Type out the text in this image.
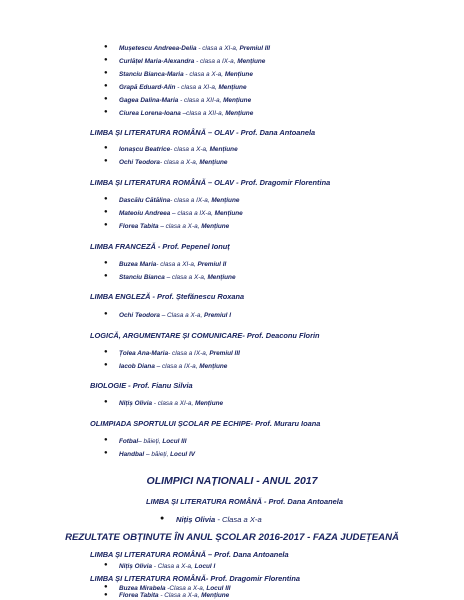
● Mușetescu Andreea-Delia - clasa a XI-a, Premiul III
● Curlățel Maria-Alexandra - clasa a IX-a, Mențiune
● Stanciu Bianca-Maria - clasa a X-a, Mențiune
● Grapă Eduard-Alin - clasa a XI-a, Mențiune
● Gagea Dalina-Maria - clasa a XII-a, Mențiune
● Ciurea Lorena-Ioana –clasa a XII-a, Mențiune
LIMBA ȘI LITERATURA ROMÂNĂ – OLAV - Prof. Dana Antoanela
● Ionașcu Beatrice- clasa a X-a, Mențiune
● Ochi Teodora- clasa a X-a, Mențiune
LIMBA ȘI LITERATURA ROMÂNĂ – OLAV - Prof. Dragomir Florentina
● Dascălu Cătălina- clasa a IX-a, Mențiune
● Mateoiu Andreea – clasa a IX-a, Mențiune
● Florea Tabita – clasa a X-a, Mențiune
LIMBA FRANCEZĂ - Prof. Pepenel Ionuț
● Buzea Maria- clasa a XI-a, Premiul II
● Stanciu Bianca – clasa a X-a, Mențiune
LIMBA ENGLEZĂ - Prof. Ștefănescu Roxana
● Ochi Teodora – Clasa a X-a, Premiul I
LOGICĂ, ARGUMENTARE ȘI COMUNICARE- Prof. Deaconu Florin
● Țolea Ana-Maria- clasa a IX-a, Premiul III
● Iacob Diana – clasa a IX-a, Mențiune
BIOLOGIE - Prof. Fianu Silvia
● Nițiș Olivia - clasa a XI-a, Mențiune
OLIMPIADA SPORTULUI ȘCOLAR PE ECHIPE- Prof. Muraru Ioana
● Fotbal– băieți, Locul III
● Handbal – băieți, Locul IV
OLIMPICI NAȚIONALI - ANUL 2017
LIMBA ȘI LITERATURA ROMÂNĂ - Prof. Dana Antoanela
● Nițiș Olivia - Clasa a X-a
REZULTATE OBȚINUTE ÎN ANUL ȘCOLAR 2016-2017 - FAZA JUDEȚEANĂ
LIMBA ȘI LITERATURA ROMÂNĂ – Prof. Dana Antoanela
● Nițiș Olivia - Clasa a X-a, Locul I
LIMBA ȘI LITERATURA ROMÂNĂ- Prof. Dragomir Florentina
● Buzea Mirabela -Clasa a X-a, Locul III
● Florea Tabita - Clasa a X-a, Mențiune
